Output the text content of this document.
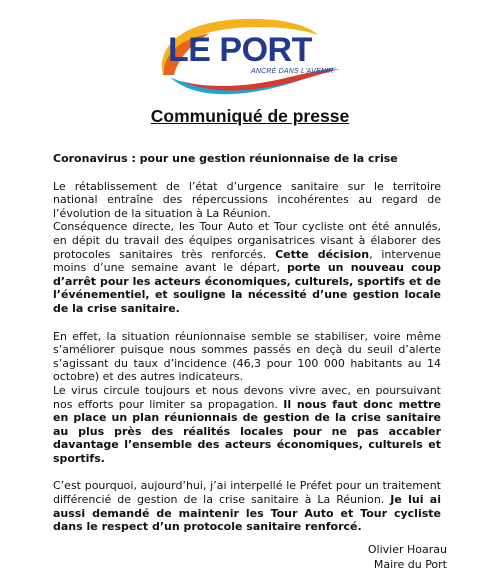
LE PORT
ANCRÉ DANS L'AVENIR
Communiqué de presse

Coronavirus : pour une gestion réunionnaise de la crise

Le rétablissement de l’état d’urgence sanitaire sur le territoire national entraîne des répercussions incohérentes au regard de l’évolution de la situation à La Réunion.

Conséquence directe, les Tour Auto et Tour cycliste ont été annulés, en dépit du travail des équipes organisatrices visant à élaborer des protocoles sanitaires très renforcés. Cette décision, intervenue moins d’une semaine avant le départ, porte un nouveau coup d’arrêt pour les acteurs économiques, culturels, sportifs et de l’événementiel, et souligne la nécessité d’une gestion locale de la crise sanitaire.

En effet, la situation réunionnaise semble se stabiliser, voire même s’améliorer puisque nous sommes passés en deçà du seuil d’alerte s’agissant du taux d’incidence (46,3 pour 100 000 habitants au 14 octobre) et des autres indicateurs.

Le virus circule toujours et nous devons vivre avec, en poursuivant nos efforts pour limiter sa propagation. Il nous faut donc mettre en place un plan réunionnais de gestion de la crise sanitaire au plus près des réalités locales pour ne pas accabler davantage l’ensemble des acteurs économiques, culturels et sportifs.

C’est pourquoi, aujourd’hui, j’ai interpellé le Préfet pour un traitement différencié de gestion de la crise sanitaire à La Réunion. Je lui ai aussi demandé de maintenir les Tour Auto et Tour cycliste dans le respect d’un protocole sanitaire renforcé.

Olivier Hoarau
Maire du Port
